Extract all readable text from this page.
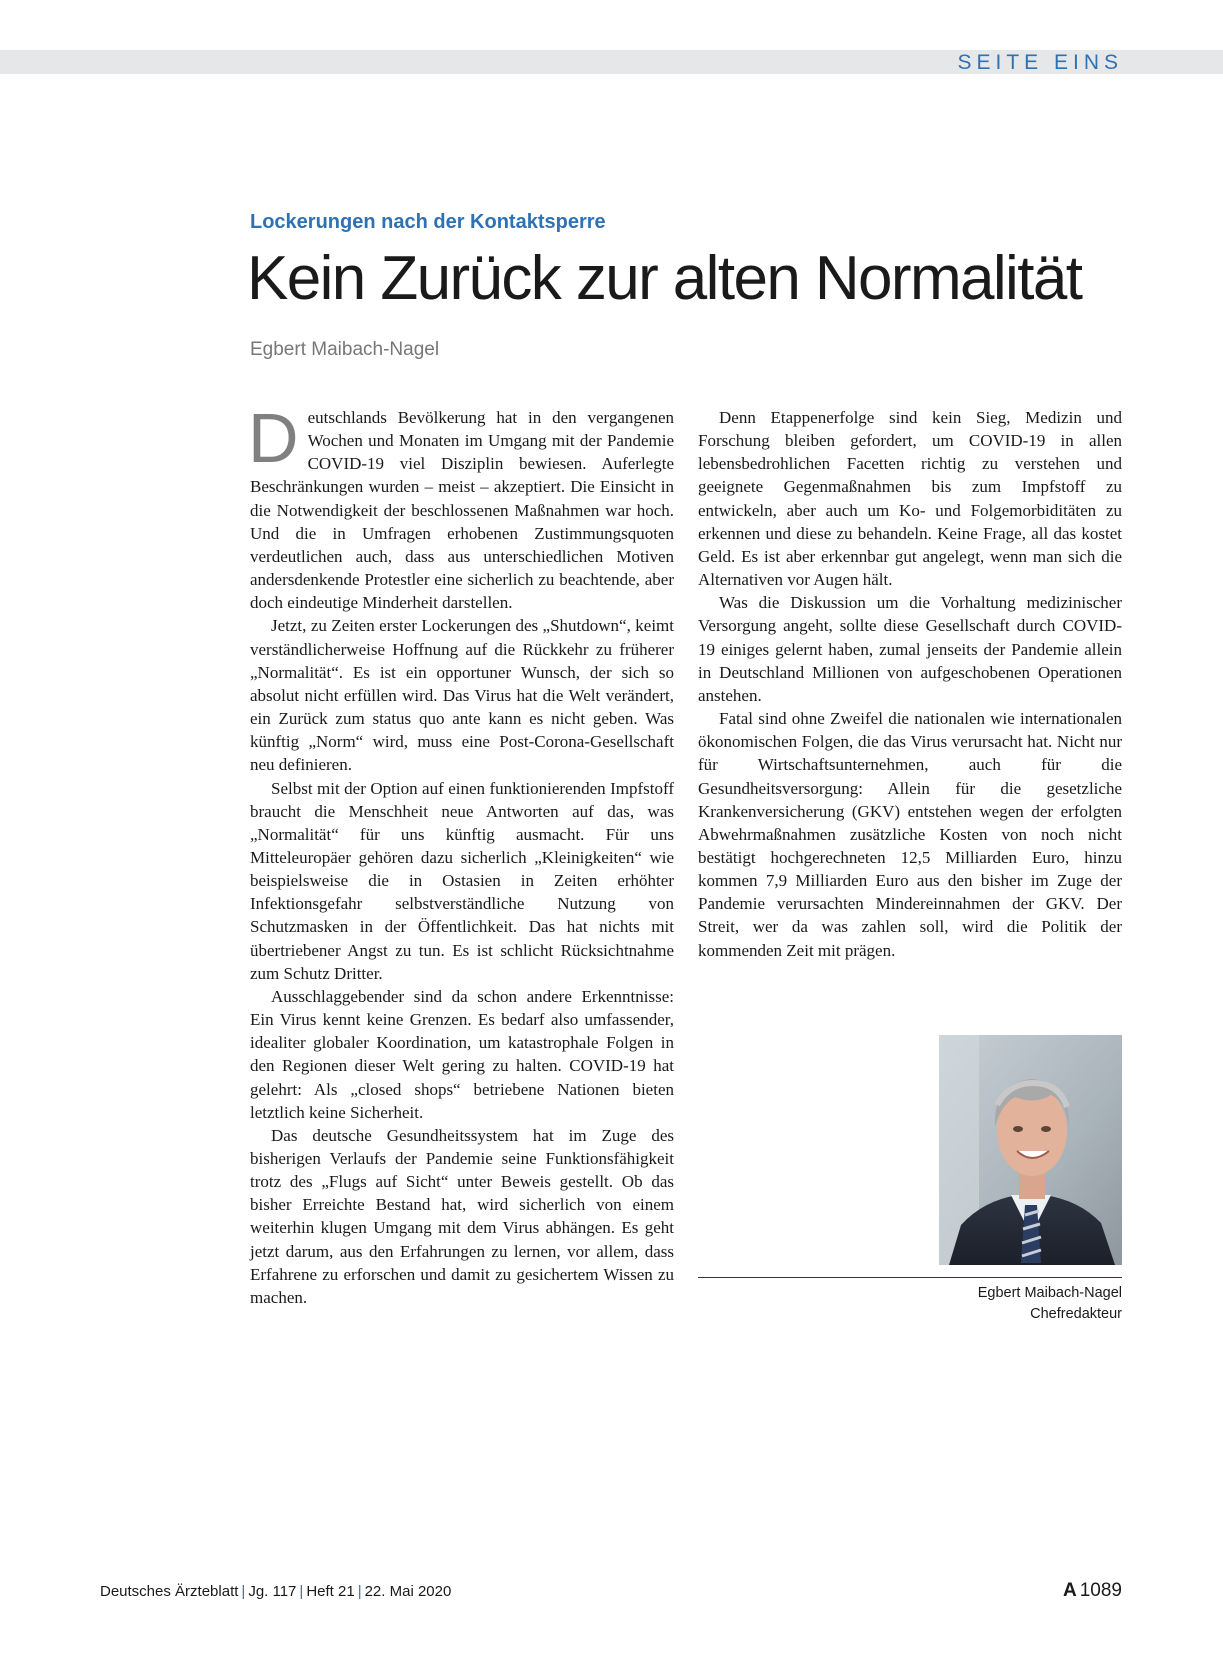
SEITE EINS
Lockerungen nach der Kontaktsperre
Kein Zurück zur alten Normalität
Egbert Maibach-Nagel

Deutschlands Bevölkerung hat in den vergangenen Wochen und Monaten im Umgang mit der Pandemie COVID-19 viel Disziplin bewiesen. Auferlegte Beschränkungen wurden – meist – akzeptiert. Die Einsicht in die Notwendigkeit der beschlossenen Maßnahmen war hoch. Und die in Umfragen erhobenen Zustimmungsquoten verdeutlichen auch, dass aus unterschiedlichen Motiven andersdenkende Protestler eine sicherlich zu beachtende, aber doch eindeutige Minderheit darstellen.

Jetzt, zu Zeiten erster Lockerungen des „Shutdown“, keimt verständlicherweise Hoffnung auf die Rückkehr zu früherer „Normalität“. Es ist ein opportuner Wunsch, der sich so absolut nicht erfüllen wird. Das Virus hat die Welt verändert, ein Zurück zum status quo ante kann es nicht geben. Was künftig „Norm“ wird, muss eine Post-Corona-Gesellschaft neu definieren.

Selbst mit der Option auf einen funktionierenden Impfstoff braucht die Menschheit neue Antworten auf das, was „Normalität“ für uns künftig ausmacht. Für uns Mitteleuropäer gehören dazu sicherlich „Kleinigkeiten“ wie beispielsweise die in Ostasien in Zeiten erhöhter Infektionsgefahr selbstverständliche Nutzung von Schutzmasken in der Öffentlichkeit. Das hat nichts mit übertriebener Angst zu tun. Es ist schlicht Rücksichtnahme zum Schutz Dritter.

Ausschlaggebender sind da schon andere Erkenntnisse: Ein Virus kennt keine Grenzen. Es bedarf also umfassender, idealiter globaler Koordination, um katastrophale Folgen in den Regionen dieser Welt gering zu halten. COVID-19 hat gelehrt: Als „closed shops“ betriebene Nationen bieten letztlich keine Sicherheit.

Das deutsche Gesundheitssystem hat im Zuge des bisherigen Verlaufs der Pandemie seine Funktionsfähigkeit trotz des „Flugs auf Sicht“ unter Beweis gestellt. Ob das bisher Erreichte Bestand hat, wird sicherlich von einem weiterhin klugen Umgang mit dem Virus abhängen. Es geht jetzt darum, aus den Erfahrungen zu lernen, vor allem, dass Erfahrene zu erforschen und damit zu gesichertem Wissen zu machen.

Denn Etappenerfolge sind kein Sieg, Medizin und Forschung bleiben gefordert, um COVID-19 in allen lebensbedrohlichen Facetten richtig zu verstehen und geeignete Gegenmaßnahmen bis zum Impfstoff zu entwickeln, aber auch um Ko- und Folgemorbiditäten zu erkennen und diese zu behandeln. Keine Frage, all das kostet Geld. Es ist aber erkennbar gut angelegt, wenn man sich die Alternativen vor Augen hält.

Was die Diskussion um die Vorhaltung medizinischer Versorgung angeht, sollte diese Gesellschaft durch COVID-19 einiges gelernt haben, zumal jenseits der Pandemie allein in Deutschland Millionen von aufgeschobenen Operationen anstehen.

Fatal sind ohne Zweifel die nationalen wie internationalen ökonomischen Folgen, die das Virus verursacht hat. Nicht nur für Wirtschaftsunternehmen, auch für die Gesundheitsversorgung: Allein für die gesetzliche Krankenversicherung (GKV) entstehen wegen der erfolgten Abwehrmaßnahmen zusätzliche Kosten von noch nicht bestätigt hochgerechneten 12,5 Milliarden Euro, hinzu kommen 7,9 Milliarden Euro aus den bisher im Zuge der Pandemie verursachten Mindereinnahmen der GKV. Der Streit, wer da was zahlen soll, wird die Politik der kommenden Zeit mit prägen.

Egbert Maibach-Nagel
Chefredakteur
Deutsches Ärzteblatt | Jg. 117 | Heft 21 | 22. Mai 2020	A 1089
